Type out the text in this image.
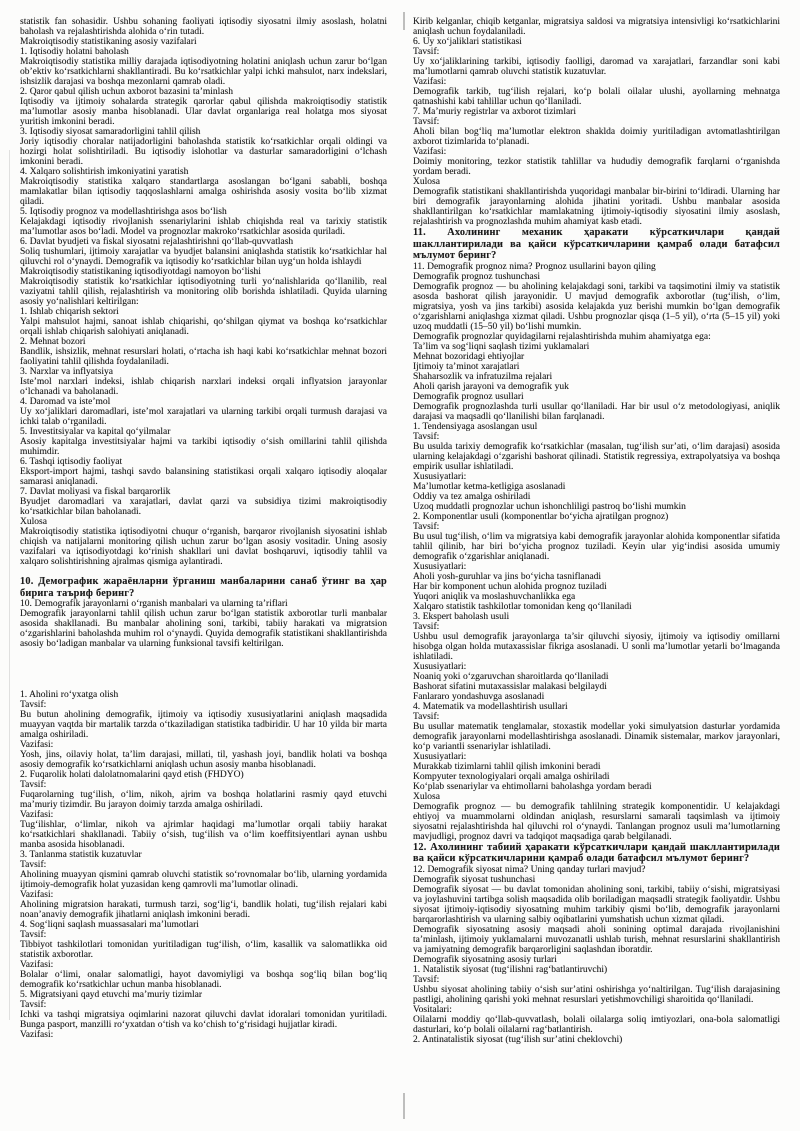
statistik fan sohasidir. Ushbu sohaning faoliyati iqtisodiy siyosatni ilmiy asoslash, holatni baholash va rejalashtirishda alohida o‘rin tutadi.

Makroiqtisodiy statistikaning asosiy vazifalari

1. Iqtisodiy holatni baholash

Makroiqtisodiy statistika milliy darajada iqtisodiyotning holatini aniqlash uchun zarur bo‘lgan ob’ektiv ko‘rsatkichlarni shakllantiradi. Bu ko‘rsatkichlar yalpi ichki mahsulot, narx indekslari, ishsizlik darajasi va boshqa mezonlarni qamrab oladi.

2. Qaror qabul qilish uchun axborot bazasini ta’minlash

Iqtisodiy va ijtimoiy sohalarda strategik qarorlar qabul qilishda makroiqtisodiy statistik ma’lumotlar asosiy manba hisoblanadi. Ular davlat organlariga real holatga mos siyosat yuritish imkonini beradi.

3. Iqtisodiy siyosat samaradorligini tahlil qilish

Joriy iqtisodiy choralar natijadorligini baholashda statistik ko‘rsatkichlar orqali oldingi va hozirgi holat solishtiriladi. Bu iqtisodiy islohotlar va dasturlar samaradorligini o‘lchash imkonini beradi.

4. Xalqaro solishtirish imkoniyatini yaratish

Makroiqtisodiy statistika xalqaro standartlarga asoslangan bo‘lgani sababli, boshqa mamlakatlar bilan iqtisodiy taqqoslashlarni amalga oshirishda asosiy vosita bo‘lib xizmat qiladi.

5. Iqtisodiy prognoz va modellashtirishga asos bo‘lish

Kelajakdagi iqtisodiy rivojlanish ssenariylarini ishlab chiqishda real va tarixiy statistik ma’lumotlar asos bo‘ladi. Model va prognozlar makroko‘rsatkichlar asosida quriladi.

6. Davlat byudjeti va fiskal siyosatni rejalashtirishni qo‘llab-quvvatlash

Soliq tushumlari, ijtimoiy xarajatlar va byudjet balansini aniqlashda statistik ko‘rsatkichlar hal qiluvchi rol o‘ynaydi. Demografik va iqtisodiy ko‘rsatkichlar bilan uyg‘un holda ishlaydi

Makroiqtisodiy statistikaning iqtisodiyotdagi namoyon bo‘lishi

Makroiqtisodiy statistik ko‘rsatkichlar iqtisodiyotning turli yo‘nalishlarida qo‘llanilib, real vaziyatni tahlil qilish, rejalashtirish va monitoring olib borishda ishlatiladi. Quyida ularning asosiy yo‘nalishlari keltirilgan:

1. Ishlab chiqarish sektori

Yalpi mahsulot hajmi, sanoat ishlab chiqarishi, qo‘shilgan qiymat va boshqa ko‘rsatkichlar orqali ishlab chiqarish salohiyati aniqlanadi.

2. Mehnat bozori

Bandlik, ishsizlik, mehnat resurslari holati, o‘rtacha ish haqi kabi ko‘rsatkichlar mehnat bozori faoliyatini tahlil qilishda foydalaniladi.

3. Narxlar va inflyatsiya

Iste’mol narxlari indeksi, ishlab chiqarish narxlari indeksi orqali inflyatsion jarayonlar o‘lchanadi va baholanadi.

4. Daromad va iste’mol

Uy xo‘jaliklari daromadlari, iste’mol xarajatlari va ularning tarkibi orqali turmush darajasi va ichki talab o‘rganiladi.

5. Investitsiyalar va kapital qo‘yilmalar

Asosiy kapitalga investitsiyalar hajmi va tarkibi iqtisodiy o‘sish omillarini tahlil qilishda muhimdir.

6. Tashqi iqtisodiy faoliyat

Eksport-import hajmi, tashqi savdo balansining statistikasi orqali xalqaro iqtisodiy aloqalar samarasi aniqlanadi.

7. Davlat moliyasi va fiskal barqarorlik

Byudjet daromadlari va xarajatlari, davlat qarzi va subsidiya tizimi makroiqtisodiy ko‘rsatkichlar bilan baholanadi.

Xulosa

Makroiqtisodiy statistika iqtisodiyotni chuqur o‘rganish, barqaror rivojlanish siyosatini ishlab chiqish va natijalarni monitoring qilish uchun zarur bo‘lgan asosiy vositadir. Uning asosiy vazifalari va iqtisodiyotdagi ko‘rinish shakllari uni davlat boshqaruvi, iqtisodiy tahlil va xalqaro solishtirishning ajralmas qismiga aylantiradi.

10. Демографик жараёнларни ўрганиш манбаларини санаб ўтинг ва ҳар бирига таъриф беринг?

10. Demografik jarayonlarni o‘rganish manbalari va ularning ta’riflari

Demografik jarayonlarni tahlil qilish uchun zarur bo‘lgan statistik axborotlar turli manbalar asosida shakllanadi. Bu manbalar aholining soni, tarkibi, tabiiy harakati va migratsion o‘zgarishlarini baholashda muhim rol o‘ynaydi. Quyida demografik statistikani shakllantirishda asosiy bo‘ladigan manbalar va ularning funksional tavsifi keltirilgan.

1. Aholini ro‘yxatga olish

Tavsif:

Bu butun aholining demografik, ijtimoiy va iqtisodiy xususiyatlarini aniqlash maqsadida muayyan vaqtda bir martalik tarzda o‘tkaziladigan statistika tadbiridir. U har 10 yilda bir marta amalga oshiriladi.

Vazifasi:

Yosh, jins, oilaviy holat, ta’lim darajasi, millati, til, yashash joyi, bandlik holati va boshqa asosiy demografik ko‘rsatkichlarni aniqlash uchun asosiy manba hisoblanadi.

2. Fuqarolik holati dalolatnomalarini qayd etish (FHDYO)

Tavsif:

Fuqarolarning tug‘ilish, o‘lim, nikoh, ajrim va boshqa holatlarini rasmiy qayd etuvchi ma’muriy tizimdir. Bu jarayon doimiy tarzda amalga oshiriladi.

Vazifasi:

Tug‘ilishlar, o‘limlar, nikoh va ajrimlar haqidagi ma’lumotlar orqali tabiiy harakat ko‘rsatkichlari shakllanadi. Tabiiy o‘sish, tug‘ilish va o‘lim koeffitsiyentlari aynan ushbu manba asosida hisoblanadi.

3. Tanlanma statistik kuzatuvlar

Tavsif:

Aholining muayyan qismini qamrab oluvchi statistik so‘rovnomalar bo‘lib, ularning yordamida ijtimoiy-demografik holat yuzasidan keng qamrovli ma’lumotlar olinadi.

Vazifasi:

Aholining migratsion harakati, turmush tarzi, sog‘lig‘i, bandlik holati, tug‘ilish rejalari kabi noan’anaviy demografik jihatlarni aniqlash imkonini beradi.

4. Sog‘liqni saqlash muassasalari ma’lumotlari

Tavsif:

Tibbiyot tashkilotlari tomonidan yuritiladigan tug‘ilish, o‘lim, kasallik va salomatlikka oid statistik axborotlar.

Vazifasi:

Bolalar o‘limi, onalar salomatligi, hayot davomiyligi va boshqa sog‘liq bilan bog‘liq demografik ko‘rsatkichlar uchun manba hisoblanadi.

5. Migratsiyani qayd etuvchi ma’muriy tizimlar

Tavsif:

Ichki va tashqi migratsiya oqimlarini nazorat qiluvchi davlat idoralari tomonidan yuritiladi. Bunga pasport, manzilli ro‘yxatdan o‘tish va ko‘chish to‘g‘risidagi hujjatlar kiradi.

Vazifasi:

Kirib kelganlar, chiqib ketganlar, migratsiya saldosi va migratsiya intensivligi ko‘rsatkichlarini aniqlash uchun foydalaniladi.

6. Uy xo‘jaliklari statistikasi

Tavsif:

Uy xo‘jaliklarining tarkibi, iqtisodiy faolligi, daromad va xarajatlari, farzandlar soni kabi ma’lumotlarni qamrab oluvchi statistik kuzatuvlar.

Vazifasi:

Demografik tarkib, tug‘ilish rejalari, ko‘p bolali oilalar ulushi, ayollarning mehnatga qatnashishi kabi tahlillar uchun qo‘llaniladi.

7. Ma’muriy registrlar va axborot tizimlari

Tavsif:

Aholi bilan bog‘liq ma’lumotlar elektron shaklda doimiy yuritiladigan avtomatlashtirilgan axborot tizimlarida to‘planadi.

Vazifasi:

Doimiy monitoring, tezkor statistik tahlillar va hududiy demografik farqlarni o‘rganishda yordam beradi.

Xulosa

Demografik statistikani shakllantirishda yuqoridagi manbalar bir-birini to‘ldiradi. Ularning har biri demografik jarayonlarning alohida jihatini yoritadi. Ushbu manbalar asosida shakllantirilgan ko‘rsatkichlar mamlakatning ijtimoiy-iqtisodiy siyosatini ilmiy asoslash, rejalashtirish va prognozlashda muhim ahamiyat kasb etadi.

11. Ахолининг механик ҳаракати кўрсаткичлари қандай шакллантирилади ва қайси кўрсаткичларини қамраб олади батафсил мълумот беринг?

11. Demografik prognoz nima? Prognoz usullarini bayon qiling

Demografik prognoz tushunchasi

Demografik prognoz — bu aholining kelajakdagi soni, tarkibi va taqsimotini ilmiy va statistik asosda bashorat qilish jarayonidir. U mavjud demografik axborotlar (tug‘ilish, o‘lim, migratsiya, yosh va jins tarkibi) asosida kelajakda yuz berishi mumkin bo‘lgan demografik o‘zgarishlarni aniqlashga xizmat qiladi. Ushbu prognozlar qisqa (1–5 yil), o‘rta (5–15 yil) yoki uzoq muddatli (15–50 yil) bo‘lishi mumkin.

Demografik prognozlar quyidagilarni rejalashtirishda muhim ahamiyatga ega:

Ta’lim va sog‘liqni saqlash tizimi yuklamalari

Mehnat bozoridagi ehtiyojlar

Ijtimoiy ta’minot xarajatlari

Shaharsozlik va infratuzilma rejalari

Aholi qarish jarayoni va demografik yuk

Demografik prognoz usullari

Demografik prognozlashda turli usullar qo‘llaniladi. Har bir usul o‘z metodologiyasi, aniqlik darajasi va maqsadli qo‘llanilishi bilan farqlanadi.

1. Tendensiyaga asoslangan usul

Tavsif:

Bu usulda tarixiy demografik ko‘rsatkichlar (masalan, tug‘ilish sur’ati, o‘lim darajasi) asosida ularning kelajakdagi o‘zgarishi bashorat qilinadi. Statistik regressiya, extrapolyatsiya va boshqa empirik usullar ishlatiladi.

Xususiyatlari:

Ma’lumotlar ketma-ketligiga asoslanadi

Oddiy va tez amalga oshiriladi

Uzoq muddatli prognozlar uchun ishonchliligi pastroq bo‘lishi mumkin

2. Komponentlar usuli (komponentlar bo‘yicha ajratilgan prognoz)

Tavsif:

Bu usul tug‘ilish, o‘lim va migratsiya kabi demografik jarayonlar alohida komponentlar sifatida tahlil qilinib, har biri bo‘yicha prognoz tuziladi. Keyin ular yig‘indisi asosida umumiy demografik o‘zgarishlar aniqlanadi.

Xususiyatlari:

Aholi yosh-guruhlar va jins bo‘yicha tasniflanadi

Har bir komponent uchun alohida prognoz tuziladi

Yuqori aniqlik va moslashuvchanlikka ega

Xalqaro statistik tashkilotlar tomonidan keng qo‘llaniladi

3. Ekspert baholash usuli

Tavsif:

Ushbu usul demografik jarayonlarga ta’sir qiluvchi siyosiy, ijtimoiy va iqtisodiy omillarni hisobga olgan holda mutaxassislar fikriga asoslanadi. U sonli ma’lumotlar yetarli bo‘lmaganda ishlatiladi.

Xususiyatlari:

Noaniq yoki o‘zgaruvchan sharoitlarda qo‘llaniladi

Bashorat sifatini mutaxassislar malakasi belgilaydi

Fanlararo yondashuvga asoslanadi

4. Matematik va modellashtirish usullari

Tavsif:

Bu usullar matematik tenglamalar, stoxastik modellar yoki simulyatsion dasturlar yordamida demografik jarayonlarni modellashtirishga asoslanadi. Dinamik sistemalar, markov jarayonlari, ko‘p variantli ssenariylar ishlatiladi.

Xususiyatlari:

Murakkab tizimlarni tahlil qilish imkonini beradi

Kompyuter texnologiyalari orqali amalga oshiriladi

Ko‘plab ssenariylar va ehtimollarni baholashga yordam beradi

Xulosa

Demografik prognoz — bu demografik tahlilning strategik komponentidir. U kelajakdagi ehtiyoj va muammolarni oldindan aniqlash, resurslarni samarali taqsimlash va ijtimoiy siyosatni rejalashtirishda hal qiluvchi rol o‘ynaydi. Tanlangan prognoz usuli ma’lumotlarning mavjudligi, prognoz davri va tadqiqot maqsadiga qarab belgilanadi.

12. Ахолининг табиий ҳаракати кўрсаткичлари қандай шакллантирилади ва қайси кўрсаткичларини қамраб олади батафсил мълумот беринг?

12. Demografik siyosat nima? Uning qanday turlari mavjud?

Demografik siyosat tushunchasi

Demografik siyosat — bu davlat tomonidan aholining soni, tarkibi, tabiiy o‘sishi, migratsiyasi va joylashuvini tartibga solish maqsadida olib boriladigan maqsadli strategik faoliyatdir. Ushbu siyosat ijtimoiy-iqtisodiy siyosatning muhim tarkibiy qismi bo‘lib, demografik jarayonlarni barqarorlashtirish va ularning salbiy oqibatlarini yumshatish uchun xizmat qiladi.

Demografik siyosatning asosiy maqsadi aholi sonining optimal darajada rivojlanishini ta’minlash, ijtimoiy yuklamalarni muvozanatli ushlab turish, mehnat resurslarini shakllantirish va jamiyatning demografik barqarorligini saqlashdan iboratdir.

Demografik siyosatning asosiy turlari

1. Natalistik siyosat (tug‘ilishni rag‘batlantiruvchi)

Tavsif:

Ushbu siyosat aholining tabiiy o‘sish sur’atini oshirishga yo‘naltirilgan. Tug‘ilish darajasining pastligi, aholining qarishi yoki mehnat resurslari yetishmovchiligi sharoitida qo‘llaniladi.

Vositalari:

Oilalarni moddiy qo‘llab-quvvatlash, bolali oilalarga soliq imtiyozlari, ona-bola salomatligi dasturlari, ko‘p bolali oilalarni rag‘batlantirish.

2. Antinatalistik siyosat (tug‘ilish sur’atini cheklovchi)
